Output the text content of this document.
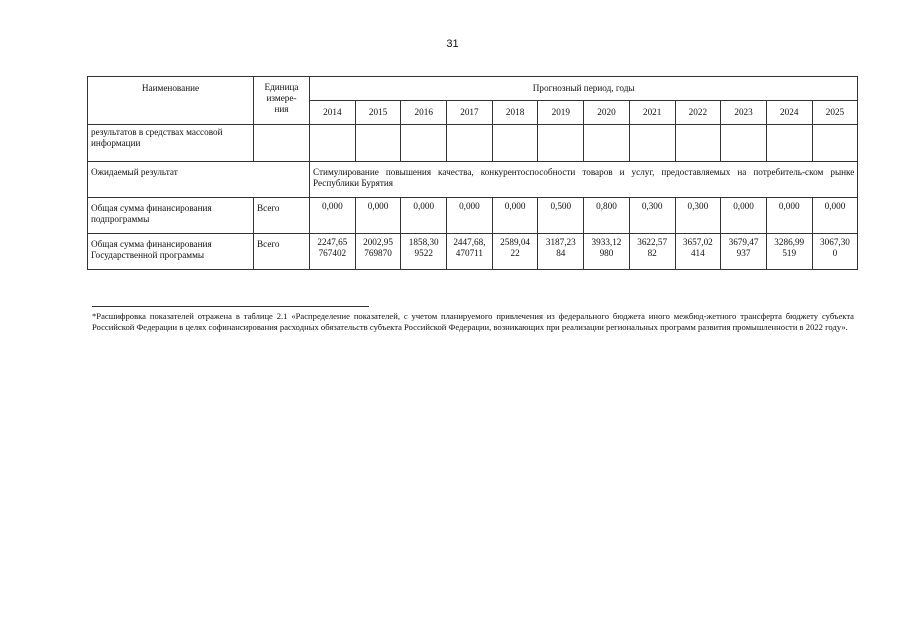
31
Наименование	Единица
измере-
ния	Прогнозный период, годы											
		2014	2015	2016	2017	2018	2019	2020	2021	2022	2023	2024	2025
результатов в средствах массовой информации													
Ожидаемый результат		Стимулирование повышения качества, конкурентоспособности товаров и услуг, предоставляемых на потребитель-ском рынке Республики Бурятия											
Общая сумма финансирования подпрограммы	Всего	0,000	0,000	0,000	0,000	0,000	0,500	0,800	0,300	0,300	0,000	0,000	0,000
Общая сумма финансирования Государственной программы	Всего	2247,65
767402	2002,95
769870	1858,30
9522	2447,68,
470711	2589,04
22	3187,23
84	3933,12
980	3622,57
82	3657,02
414	3679,47
937	3286,99
519	3067,30
0
*Расшифровка показателей отражена в таблице 2.1 «Распределение показателей, с учетом планируемого привлечения из федерального бюджета иного межбюд-жетного трансферта бюджету субъекта Российской Федерации в целях софинансирования расходных обязательств субъекта Российской Федерации, возникающих при реализации региональных программ развития промышленности в 2022 году».
